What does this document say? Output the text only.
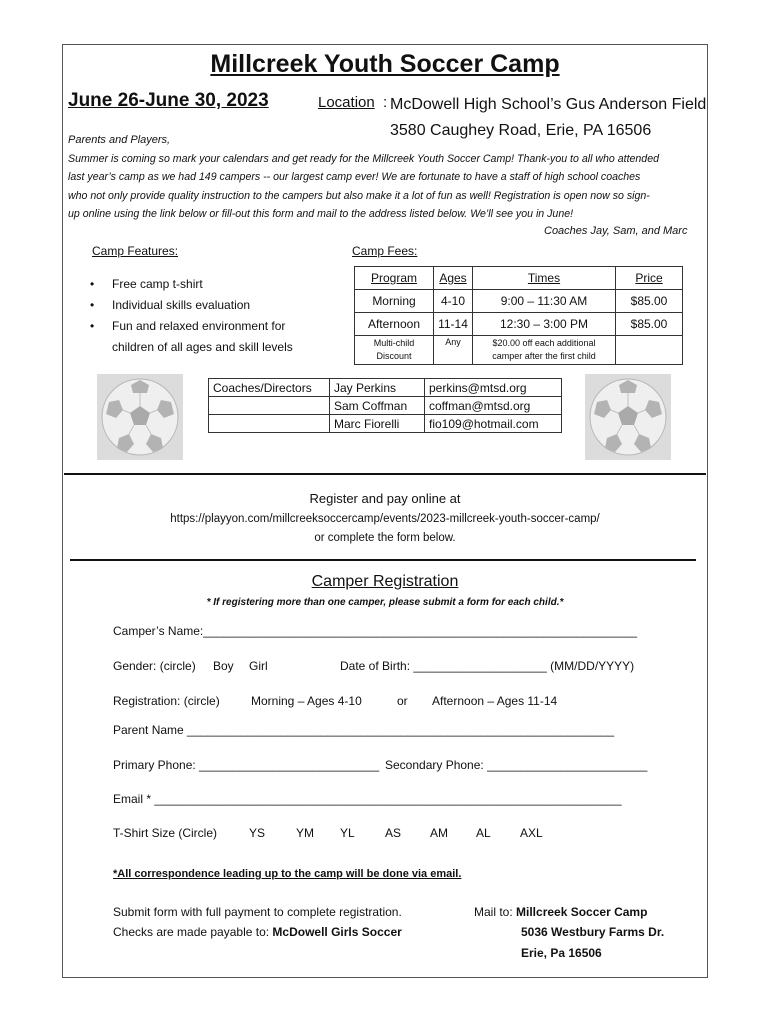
Millcreek Youth Soccer Camp
June 26-June 30, 2023	Location : McDowell High School’s Gus Anderson Field
3580 Caughey Road, Erie, PA 16506
Parents and Players,

Summer is coming so mark your calendars and get ready for the Millcreek Youth Soccer Camp! Thank-you to all who attended

last year’s camp as we had 149 campers -- our largest camp ever! We are fortunate to have a staff of high school coaches

who not only provide quality instruction to the campers but also make it a lot of fun as well! Registration is open now so sign-

up online using the link below or fill-out this form and mail to the address listed below. We’ll see you in June!

Coaches Jay, Sam, and Marc
Camp Features:	Camp Fees:
• Free camp t-shirt
• Individual skills evaluation
• Fun and relaxed environment for
children of all ages and skill levels
Program	Ages	Times	Price
Morning	4-10	9:00 – 11:30 AM	$85.00
Afternoon	11-14	12:30 – 3:00 PM	$85.00
Multi-child
Discount	Any	$20.00 off each additional
camper after the first child	
Coaches/Directors	Jay Perkins	perkins@mtsd.org
	Sam Coffman	coffman@mtsd.org
	Marc Fiorelli	fio109@hotmail.com
Register and pay online at
https://playyon.com/millcreeksoccercamp/events/2023-millcreek-youth-soccer-camp/
or complete the form below.
Camper Registration
* If registering more than one camper, please submit a form for each child.*
Camper’s Name:_________________________________________________________________
Gender: (circle) Boy Girl	Date of Birth: ____________________ (MM/DD/YYYY)
Registration: (circle)	Morning – Ages 4-10	or Afternoon – Ages 11-14
Parent Name ________________________________________________________________
Primary Phone: ___________________________ Secondary Phone: ________________________
Email * ______________________________________________________________________
T-Shirt Size (Circle)	YS	YM YL	AS AM AL AXL
*All correspondence leading up to the camp will be done via email.
Submit form with full payment to complete registration.
Checks are made payable to: McDowell Girls Soccer
Mail to: Millcreek Soccer Camp
5036 Westbury Farms Dr.
Erie, Pa 16506
